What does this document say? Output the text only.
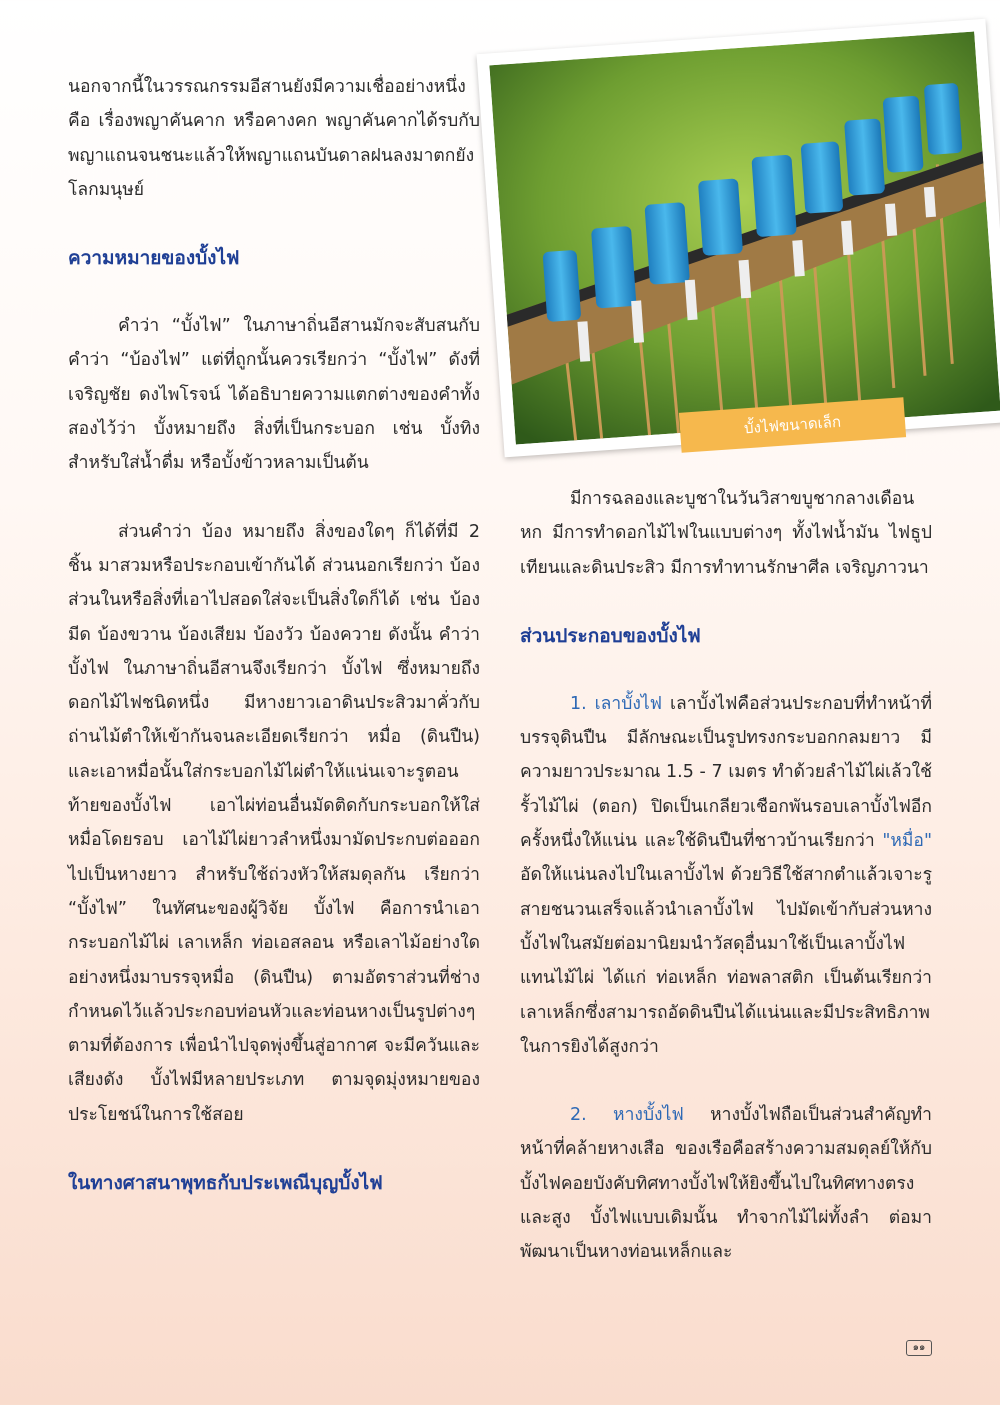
บั้งไฟขนาดเล็ก

นอกจากนี้ในวรรณกรรมอีสานยังมีความเชื่ออย่างหนึ่งคือ เรื่องพญาคันคาก หรือคางคก พญาคันคากได้รบกับพญาแถนจนชนะแล้วให้พญาแถนบันดาลฝนลงมาตกยังโลกมนุษย์

ความหมายของบั้งไฟ

คำว่า “บั้งไฟ” ในภาษาถิ่นอีสานมักจะสับสนกับคำว่า “บ้องไฟ” แต่ที่ถูกนั้นควรเรียกว่า “บั้งไฟ” ดังที่ เจริญชัย ดงไพโรจน์ ได้อธิบายความแตกต่างของคำทั้งสองไว้ว่า บั้งหมายถึง สิ่งที่เป็นกระบอก เช่น บั้งทิง สำหรับใส่น้ำดื่ม หรือบั้งข้าวหลามเป็นต้น

ส่วนคำว่า บ้อง หมายถึง สิ่งของใดๆ ก็ได้ที่มี 2 ชิ้น มาสวมหรือประกอบเข้ากันได้ ส่วนนอกเรียกว่า บ้อง ส่วนในหรือสิ่งที่เอาไปสอดใส่จะเป็นสิ่งใดก็ได้ เช่น บ้องมีด บ้องขวาน บ้องเสียม บ้องวัว บ้องควาย ดังนั้น คำว่า บั้งไฟ ในภาษาถิ่นอีสานจึงเรียกว่า บั้งไฟ ซึ่งหมายถึงดอกไม้ไฟชนิดหนึ่ง มีหางยาวเอาดินประสิวมาคั่วกับถ่านไม้ตำให้เข้ากันจนละเอียดเรียกว่า หมื่อ (ดินปืน) และเอาหมื่อนั้นใส่กระบอกไม้ไผ่ตำให้แน่นเจาะรูตอนท้ายของบั้งไฟ เอาไผ่ท่อนอื่นมัดติดกับกระบอกให้ใส่หมื่อโดยรอบ เอาไม้ไผ่ยาวลำหนึ่งมามัดประกบต่อออกไปเป็นหางยาว สำหรับใช้ถ่วงหัวให้สมดุลกัน เรียกว่า “บั้งไฟ” ในทัศนะของผู้วิจัย บั้งไฟ คือการนำเอากระบอกไม้ไผ่ เลาเหล็ก ท่อเอสลอน หรือเลาไม้อย่างใดอย่างหนึ่งมาบรรจุหมื่อ (ดินปืน) ตามอัตราส่วนที่ช่างกำหนดไว้แล้วประกอบท่อนหัวและท่อนหางเป็นรูปต่างๆ ตามที่ต้องการ เพื่อนำไปจุดพุ่งขึ้นสู่อากาศ จะมีควันและเสียงดัง บั้งไฟมีหลายประเภท ตามจุดมุ่งหมายของประโยชน์ในการใช้สอย

ในทางศาสนาพุทธกับประเพณีบุญบั้งไฟ

มีการฉลองและบูชาในวันวิสาขบูชากลางเดือนหก มีการทำดอกไม้ไฟในแบบต่างๆ ทั้งไฟน้ำมัน ไฟธูปเทียนและดินประสิว มีการทำทานรักษาศีล เจริญภาวนา

ส่วนประกอบของบั้งไฟ

1. เลาบั้งไฟ เลาบั้งไฟคือส่วนประกอบที่ทำหน้าที่บรรจุดินปืน มีลักษณะเป็นรูปทรงกระบอกกลมยาว มีความยาวประมาณ 1.5 - 7 เมตร ทำด้วยลำไม้ไผ่เล้วใช้รั้วไม้ไผ่ (ตอก) ปิดเป็นเกลียวเชือกพันรอบเลาบั้งไฟอีกครั้งหนึ่งให้แน่น และใช้ดินปืนที่ชาวบ้านเรียกว่า "หมื่อ" อัดให้แน่นลงไปในเลาบั้งไฟ ด้วยวิธีใช้สากตำแล้วเจาะรูสายชนวนเสร็จแล้วนำเลาบั้งไฟ ไปมัดเข้ากับส่วนหางบั้งไฟในสมัยต่อมานิยมนำวัสดุอื่นมาใช้เป็นเลาบั้งไฟแทนไม้ไผ่ ได้แก่ ท่อเหล็ก ท่อพลาสติก เป็นต้นเรียกว่าเลาเหล็กซึ่งสามารถอัดดินปืนได้แน่นและมีประสิทธิภาพในการยิงได้สูงกว่า

2. หางบั้งไฟ หางบั้งไฟถือเป็นส่วนสำคัญทำหน้าที่คล้ายหางเสือ ของเรือคือสร้างความสมดุลย์ให้กับบั้งไฟคอยบังคับทิศทางบั้งไฟให้ยิงขึ้นไปในทิศทางตรงและสูง บั้งไฟแบบเดิมนั้น ทำจากไม้ไผ่ทั้งลำ ต่อมาพัฒนาเป็นหางท่อนเหล็กและ

๑๑
